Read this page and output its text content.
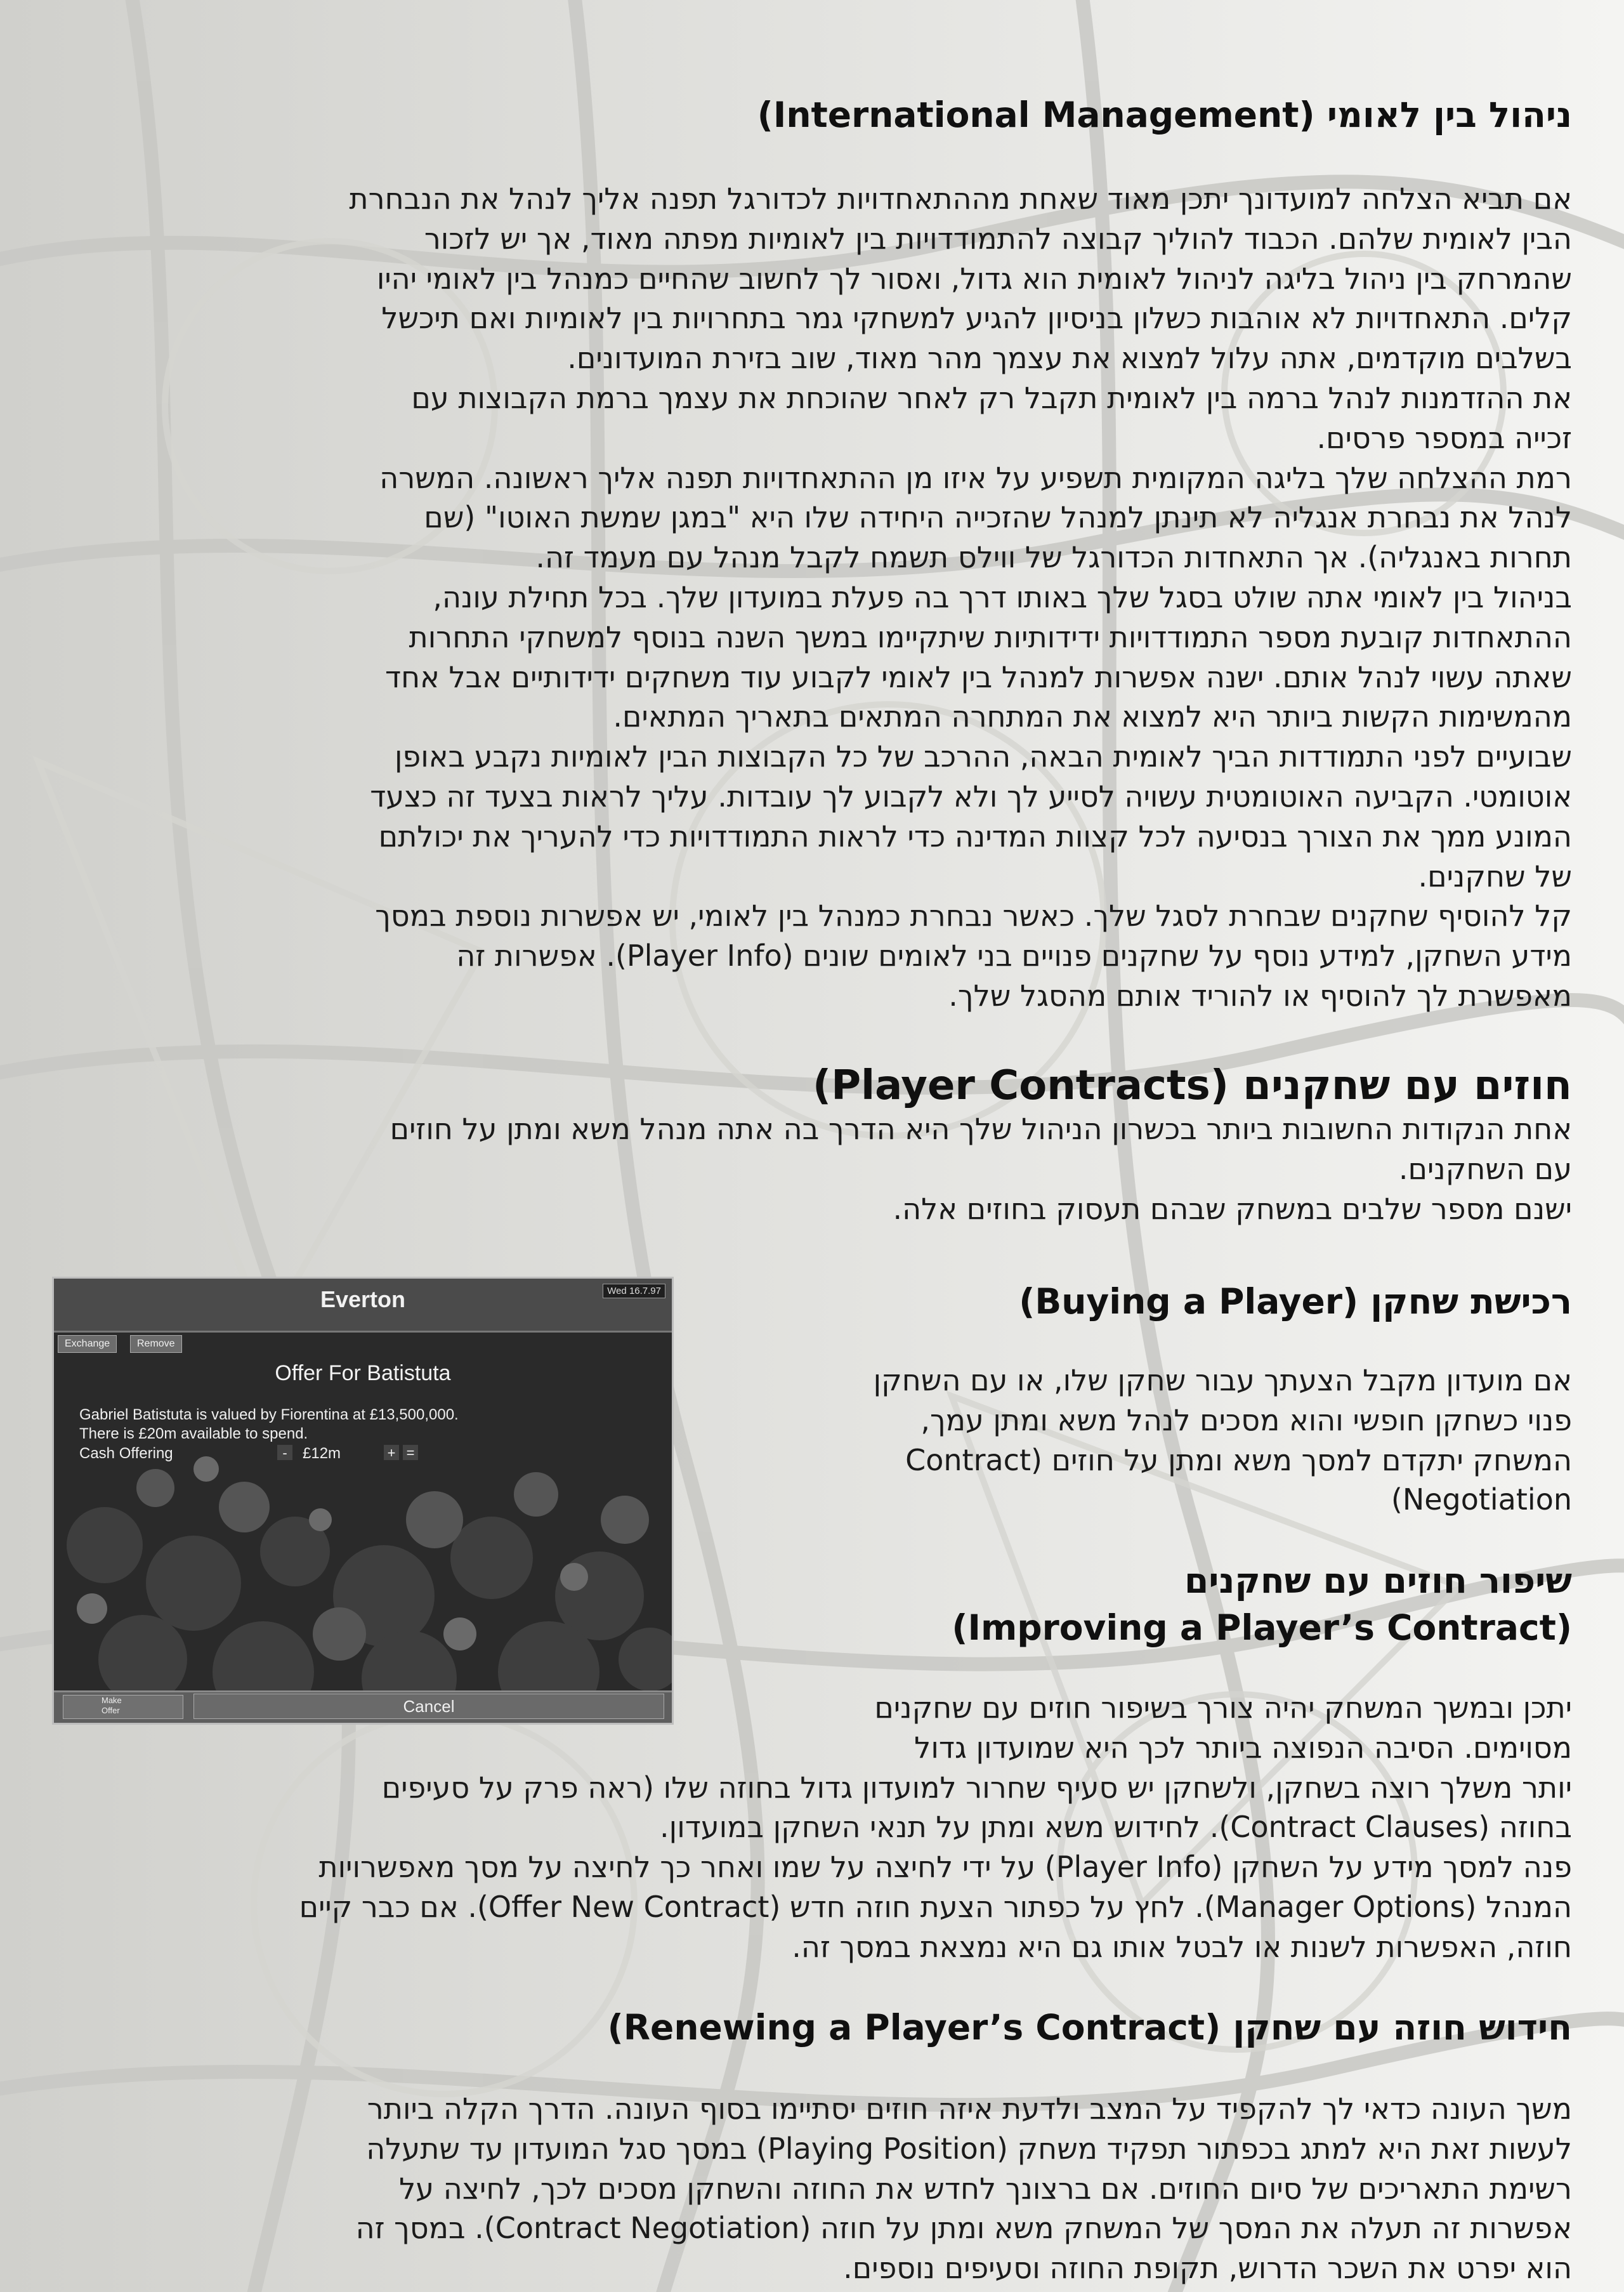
ניהול בין לאומי (International Management)
אם תביא הצלחה למועדונך יתכן מאוד שאחת מההתאחדויות לכדורגל תפנה אליך לנהל את הנבחרת
הבין לאומית שלהם. הכבוד להוליך קבוצה להתמודדויות בין לאומיות מפתה מאוד, אך יש לזכור
שהמרחק בין ניהול בליגה לניהול לאומית הוא גדול, ואסור לך לחשוב שהחיים כמנהל בין לאומי יהיו
קלים. התאחדויות לא אוהבות כשלון בניסיון להגיע למשחקי גמר בתחרויות בין לאומיות ואם תיכשל
בשלבים מוקדמים, אתה עלול למצוא את עצמך מהר מאוד, שוב בזירת המועדונים.
את ההזדמנות לנהל ברמה בין לאומית תקבל רק לאחר שהוכחת את עצמך ברמת הקבוצות עם
זכייה במספר פרסים.
רמת ההצלחה שלך בליגה המקומית תשפיע על איזו מן ההתאחדויות תפנה אליך ראשונה. המשרה
לנהל את נבחרת אנגליה לא תינתן למנהל שהזכייה היחידה שלו היא "במגן שמשת האוטו" (שם
תחרות באנגליה). אך התאחדות הכדורגל של ווילס תשמח לקבל מנהל עם מעמד זה.
בניהול בין לאומי אתה שולט בסגל שלך באותו דרך בה פעלת במועדון שלך. בכל תחילת עונה,
ההתאחדות קובעת מספר התמודדויות ידידותיות שיתקיימו במשך השנה בנוסף למשחקי התחרות
שאתה עשוי לנהל אותם. ישנה אפשרות למנהל בין לאומי לקבוע עוד משחקים ידידותיים אבל אחד
מהמשימות הקשות ביותר היא למצוא את המתחרה המתאים בתאריך המתאים.
שבועיים לפני התמודדות הביך לאומית הבאה, ההרכב של כל הקבוצות הבין לאומיות נקבע באופן
אוטומטי. הקביעה האוטומטית עשויה לסייע לך ולא לקבוע לך עובדות. עליך לראות בצעד זה כצעד
המונע ממך את הצורך בנסיעה לכל קצוות המדינה כדי לראות התמודדויות כדי להעריך את יכולתם
של שחקנים.
קל להוסיף שחקנים שבחרת לסגל שלך. כאשר נבחרת כמנהל בין לאומי, יש אפשרות נוספת במסך
מידע השחקן, למידע נוסף על שחקנים פנויים בני לאומים שונים (Player Info). אפשרות זה
מאפשרת לך להוסיף או להוריד אותם מהסגל שלך.
חוזים עם שחקנים (Player Contracts)
אחת הנקודות החשובות ביותר בכשרון הניהול שלך היא הדרך בה אתה מנהל משא ומתן על חוזים
עם השחקנים.
ישנם מספר שלבים במשחק שבהם תעסוק בחוזים אלה.
Everton	Wed 16.7.97
Exchange	Remove
Offer For Batistuta
Gabriel Batistuta is valued by Fiorentina at £13,500,000.
There is £20m available to spend.
Cash Offering	-	£12m	+ =
Make
Offer	Cancel
רכישת שחקן (Buying a Player)
אם מועדון מקבל הצעתך עבור שחקן שלו, או עם השחקן
פנוי כשחקן חופשי והוא מסכים לנהל משא ומתן עמך,
המשחק יתקדם למסך משא ומתן על חוזים (Contract
Negotiation)
שיפור חוזים עם שחקנים
(Improving a Player’s Contract)
יתכן ובמשך המשחק יהיה צורך בשיפור חוזים עם שחקנים
מסוימים. הסיבה הנפוצה ביותר לכך היא שמועדון גדול
יותר משלך רוצה בשחקן, ולשחקן יש סעיף שחרור למועדון גדול בחוזה שלו (ראה פרק על סעיפים
בחוזה (Contract Clauses). לחידוש משא ומתן על תנאי השחקן במועדון.
פנה למסך מידע על השחקן (Player Info) על ידי לחיצה על שמו ואחר כך לחיצה על מסך מאפשרויות
המנהל (Manager Options). לחץ על כפתור הצעת חוזה חדש (Offer New Contract). אם כבר קיים
חוזה, האפשרות לשנות או לבטל אותו גם היא נמצאת במסך זה.
חידוש חוזה עם שחקן (Renewing a Player’s Contract)
משך העונה כדאי לך להקפיד על המצב ולדעת איזה חוזים יסתיימו בסוף העונה. הדרך הקלה ביותר
לעשות זאת היא למתג בכפתור תפקיד משחק (Playing Position) במסך סגל המועדון עד שתעלה
רשימת התאריכים של סיום החוזים. אם ברצונך לחדש את החוזה והשחקן מסכים לכך, לחיצה על
אפשרות זה תעלה את המסך של המשחק משא ומתן על חוזה (Contract Negotiation). במסך זה
הוא יפרט את השכר הדרוש, תקופת החוזה וסעיפים נוספים.
